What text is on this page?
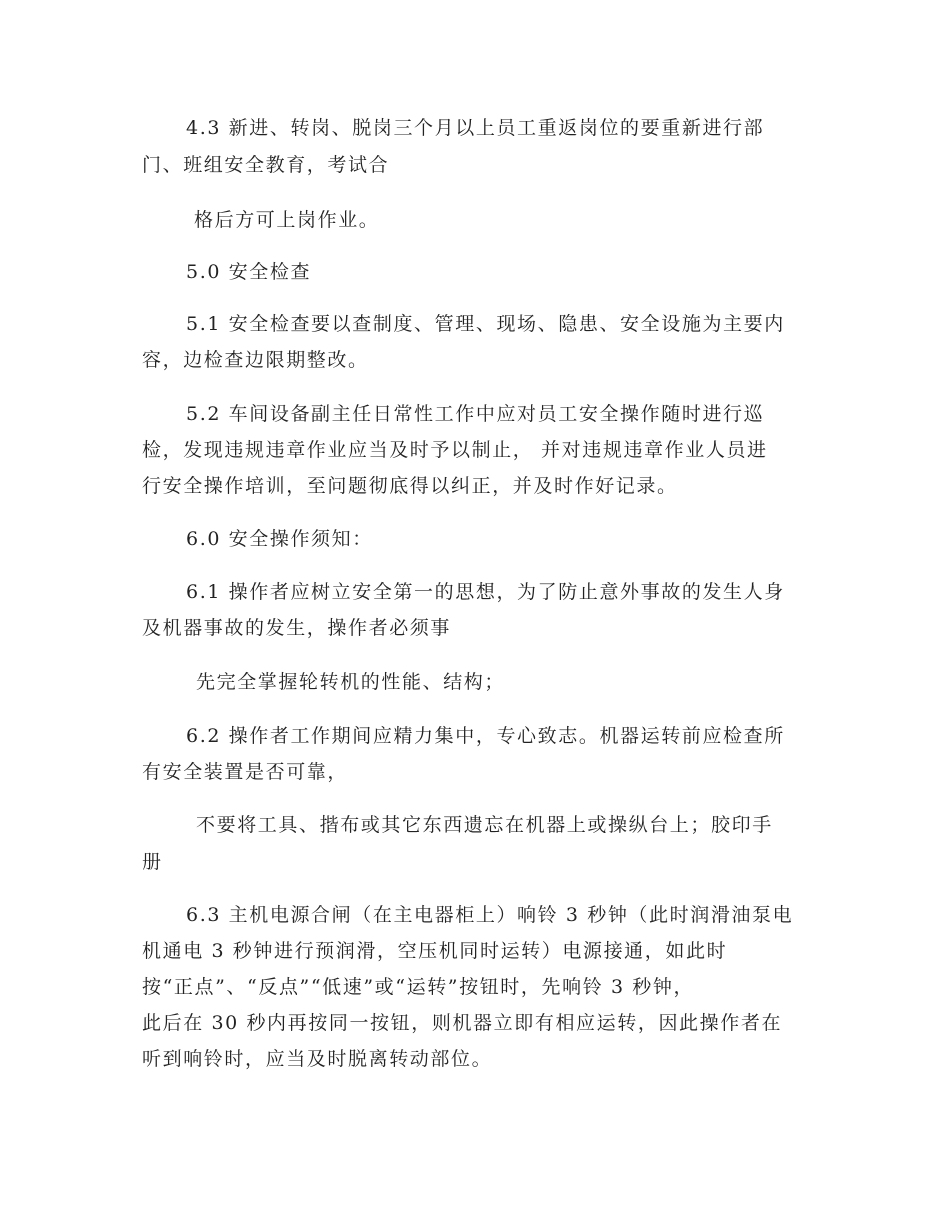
4.3 新进、转岗、脱岗三个月以上员工重返岗位的要重新进行部
门、班组安全教育，考试合
格后方可上岗作业。
5.0 安全检查
5.1 安全检查要以查制度、管理、现场、隐患、安全设施为主要内
容，边检查边限期整改。
5.2 车间设备副主任日常性工作中应对员工安全操作随时进行巡
检，发现违规违章作业应当及时予以制止， 并对违规违章作业人员进
行安全操作培训，至问题彻底得以纠正，并及时作好记录。
6.0 安全操作须知：
6.1 操作者应树立安全第一的思想，为了防止意外事故的发生人身
及机器事故的发生，操作者必须事
先完全掌握轮转机的性能、结构；
6.2 操作者工作期间应精力集中，专心致志。机器运转前应检查所
有安全装置是否可靠，
不要将工具、揩布或其它东西遗忘在机器上或操纵台上；胶印手
册
6.3 主机电源合闸（在主电器柜上）响铃 3 秒钟（此时润滑油泵电
机通电 3 秒钟进行预润滑，空压机同时运转）电源接通，如此时
按“正点”、“反点”“低速”或“运转”按钮时，先响铃 3 秒钟，
此后在 30 秒内再按同一按钮，则机器立即有相应运转，因此操作者在
听到响铃时，应当及时脱离转动部位。
